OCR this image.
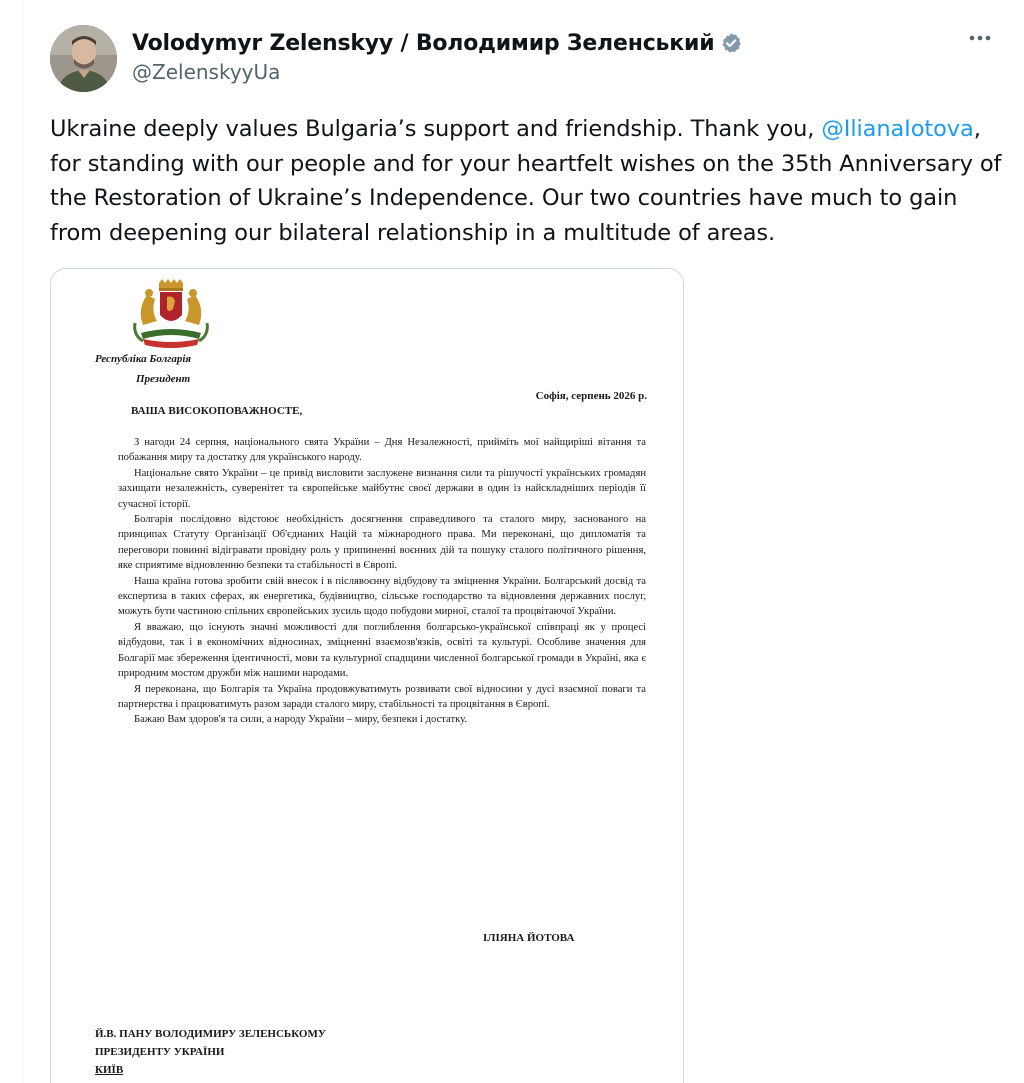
Volodymyr Zelenskyy / Володимир Зеленський
@ZelenskyyUa
Ukraine deeply values Bulgaria’s support and friendship. Thank you, @IlianaIotova, for standing with our people and for your heartfelt wishes on the 35th Anniversary of the Restoration of Ukraine’s Independence. Our two countries have much to gain from deepening our bilateral relationship in a multitude of areas.
Республіка Болгарія
Президент
Софія, серпень 2026 р.
ВАША ВИСОКОПОВАЖНОСТЕ,

З нагоди 24 серпня, національного свята України – Дня Незалежності, прийміть мої найщиріші вітання та побажання миру та достатку для українського народу.

Національне свято України – це привід висловити заслужене визнання сили та рішучості українських громадян захищати незалежність, суверенітет та європейське майбутнє своєї держави в один із найскладніших періодів її сучасної історії.

Болгарія послідовно відстоює необхідність досягнення справедливого та сталого миру, заснованого на принципах Статуту Організації Об'єднаних Націй та міжнародного права. Ми переконані, що дипломатія та переговори повинні відігравати провідну роль у припиненні воєнних дій та пошуку сталого політичного рішення, яке сприятиме відновленню безпеки та стабільності в Європі.

Наша країна готова зробити свій внесок і в післявоєнну відбудову та зміцнення України. Болгарський досвід та експертиза в таких сферах, як енергетика, будівництво, сільське господарство та відновлення державних послуг, можуть бути частиною спільних європейських зусиль щодо побудови мирної, сталої та процвітаючої України.

Я вважаю, що існують значні можливості для поглиблення болгарсько-української співпраці як у процесі відбудови, так і в економічних відносинах, зміцненні взаємозв'язків, освіті та культурі. Особливе значення для Болгарії має збереження ідентичності, мови та культурної спадщини численної болгарської громади в Україні, яка є природним мостом дружби між нашими народами.

Я переконана, що Болгарія та Україна продовжуватимуть розвивати свої відносини у дусі взаємної поваги та партнерства і працюватимуть разом заради сталого миру, стабільності та процвітання в Європі.

Бажаю Вам здоров'я та сили, а народу України – миру, безпеки і достатку.

ІЛІЯНА ЙОТОВА
Й.В. ПАНУ ВОЛОДИМИРУ ЗЕЛЕНСЬКОМУ
ПРЕЗИДЕНТУ УКРАЇНИ
КИЇВ
